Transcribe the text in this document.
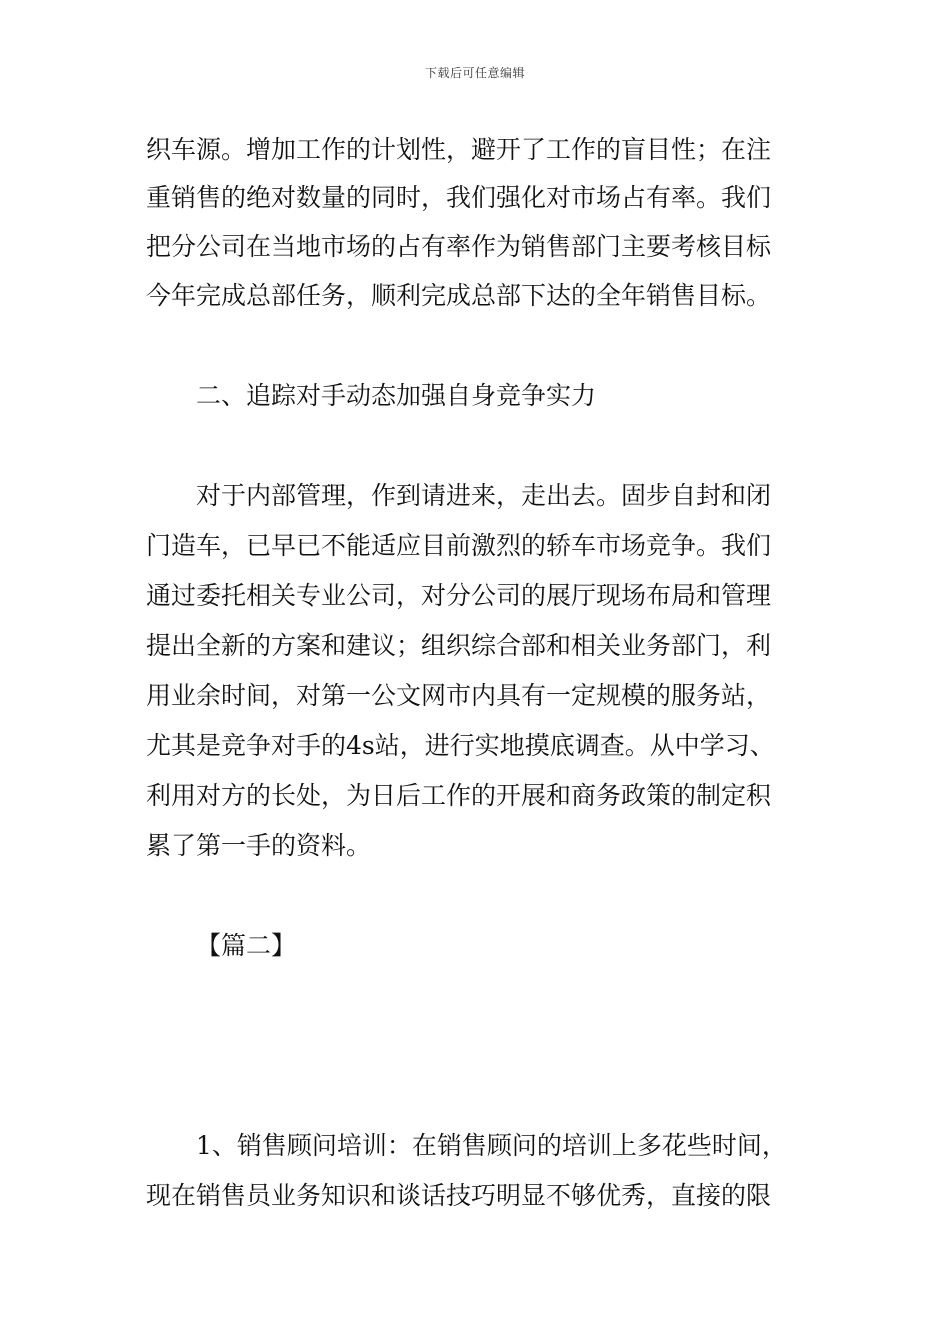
下载后可任意编辑
织车源。增加工作的计划性，避开了工作的盲目性；在注
重销售的绝对数量的同时，我们强化对市场占有率。我们
把分公司在当地市场的占有率作为销售部门主要考核目标
今年完成总部任务，顺利完成总部下达的全年销售目标。
二、追踪对手动态加强自身竞争实力
对于内部管理，作到请进来，走出去。固步自封和闭
门造车，已早已不能适应目前激烈的轿车市场竞争。我们
通过委托相关专业公司，对分公司的展厅现场布局和管理
提出全新的方案和建议；组织综合部和相关业务部门，利
用业余时间，对第一公文网市内具有一定规模的服务站，
尤其是竞争对手的4s站，进行实地摸底调查。从中学习、
利用对方的长处，为日后工作的开展和商务政策的制定积
累了第一手的资料。
【篇二】
1、销售顾问培训：在销售顾问的培训上多花些时间，
现在销售员业务知识和谈话技巧明显不够优秀，直接的限
